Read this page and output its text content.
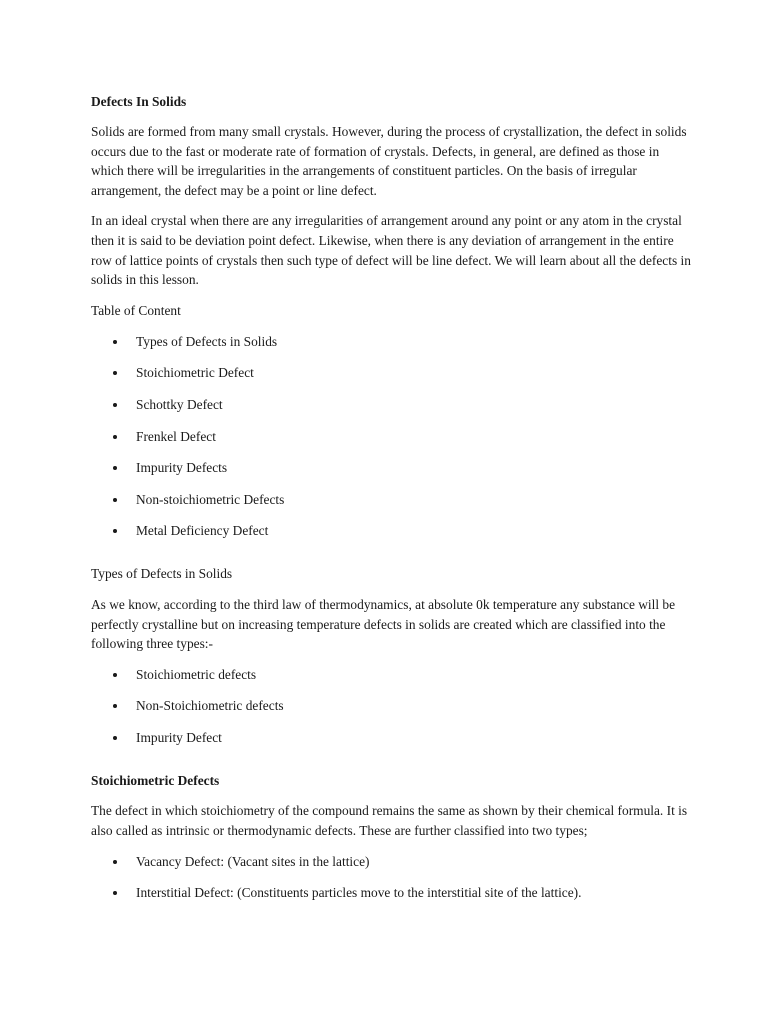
Defects In Solids

Solids are formed from many small crystals. However, during the process of crystallization, the defect in solids occurs due to the fast or moderate rate of formation of crystals. Defects, in general, are defined as those in which there will be irregularities in the arrangements of constituent particles. On the basis of irregular arrangement, the defect may be a point or line defect.

In an ideal crystal when there are any irregularities of arrangement around any point or any atom in the crystal then it is said to be deviation point defect. Likewise, when there is any deviation of arrangement in the entire row of lattice points of crystals then such type of defect will be line defect. We will learn about all the defects in solids in this lesson.

Table of Content
Types of Defects in Solids
Stoichiometric Defect
Schottky Defect
Frenkel Defect
Impurity Defects
Non-stoichiometric Defects
Metal Deficiency Defect
Types of Defects in Solids

As we know, according to the third law of thermodynamics, at absolute 0k temperature any substance will be perfectly crystalline but on increasing temperature defects in solids are created which are classified into the following three types:-

Stoichiometric defects
Non-Stoichiometric defects
Impurity Defect
Stoichiometric Defects

The defect in which stoichiometry of the compound remains the same as shown by their chemical formula. It is also called as intrinsic or thermodynamic defects. These are further classified into two types;

Vacancy Defect: (Vacant sites in the lattice)
Interstitial Defect: (Constituents particles move to the interstitial site of the lattice).
